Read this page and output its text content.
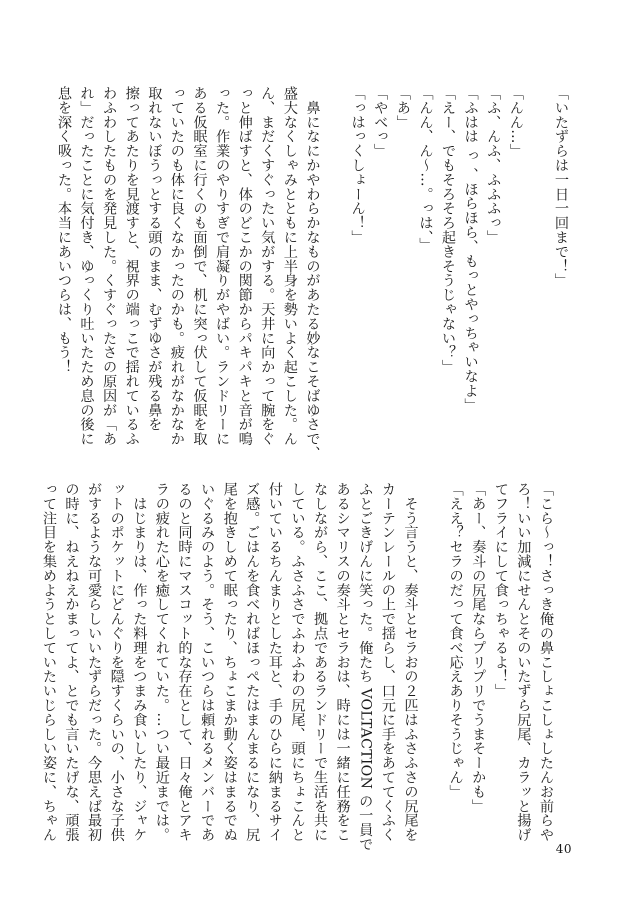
「いたずらは一日一回まで！」

「んん…」
「ふ、んふ、ふふふっ」
「ふはは っ 、ほらほら、もっとやっちゃいなよ」
「えー、でもそろそろ起きそうじゃない？」
「んん、ん〜…。っは、」
「あ」
「やべっ」
「っはっくしょーん！」

　鼻になにかやわらかなものがあたる妙なこそばゆさで、
盛大なくしゃみとともに上半身を勢いよく起こした。ん
ん、まだくすぐったい気がする。天井に向かって腕をぐ
っと伸ばすと、体のどこかの関節からパキパキと音が鳴
った。作業のやりすぎで肩凝りがやばい。ランドリーに
ある仮眠室に行くのも面倒で、机に突っ伏して仮眠を取
っていたのも体に良くなかったのかも。疲れがなかなか
取れないぼうっとする頭のまま、むずゆさが残る鼻を
擦ってあたりを見渡すと、視界の端っこで揺れているふ
わふわしたものを発見した。くすぐったさの原因が「あ
れ」だったことに気付き、ゆっくり吐いたため息の後に
息を深く吸った。本当にあいつらは、もう！
「こら〜っ！さっき俺の鼻こしょこしょしたんお前らや
ろ！いい加減にせんとそのいたずら尻尾、カラッと揚げ
てフライにして食っちゃるよ！」
「あー、奏斗の尻尾ならプリプリでうまそーかも」
「ええ？セラのだって食べ応えありそうじゃん」

　そう言うと、奏斗とセラおの２匹はふさふさの尻尾を
カーテンレールの上で揺らし、口元に手をあててくふく
ふとごきげんに笑った。俺たち VOLTACTION の一員で
あるシマリスの奏斗とセラおは、時には一緒に任務をこ
なしながら、ここ、拠点であるランドリーで生活を共に
している。ふさふさでふわふわの尻尾、頭にちょこんと
付いているちんまりとした耳と、手のひらに納まるサイ
ズ感。ごはんを食べればほっぺたはまんまるになり、尻
尾を抱きしめて眠ったり、ちょこまか動く姿はまるでぬ
いぐるみのよう。そう、こいつらは頼れるメンバーであ
るのと同時にマスコット的な存在として、日々俺とアキ
ラの疲れた心を癒してくれていた。…つい最近までは。
　はじまりは、作った料理をつまみ食いしたり、ジャケ
ットのポケットにどんぐりを隠すくらいの、小さな子供
がするような可愛らしいいたずらだった。今思えば最初
の時に、ねえねえかまってよ、とでも言いたげな、頑張
って注目を集めようとしていたいじらしい姿に、ちゃん
40
